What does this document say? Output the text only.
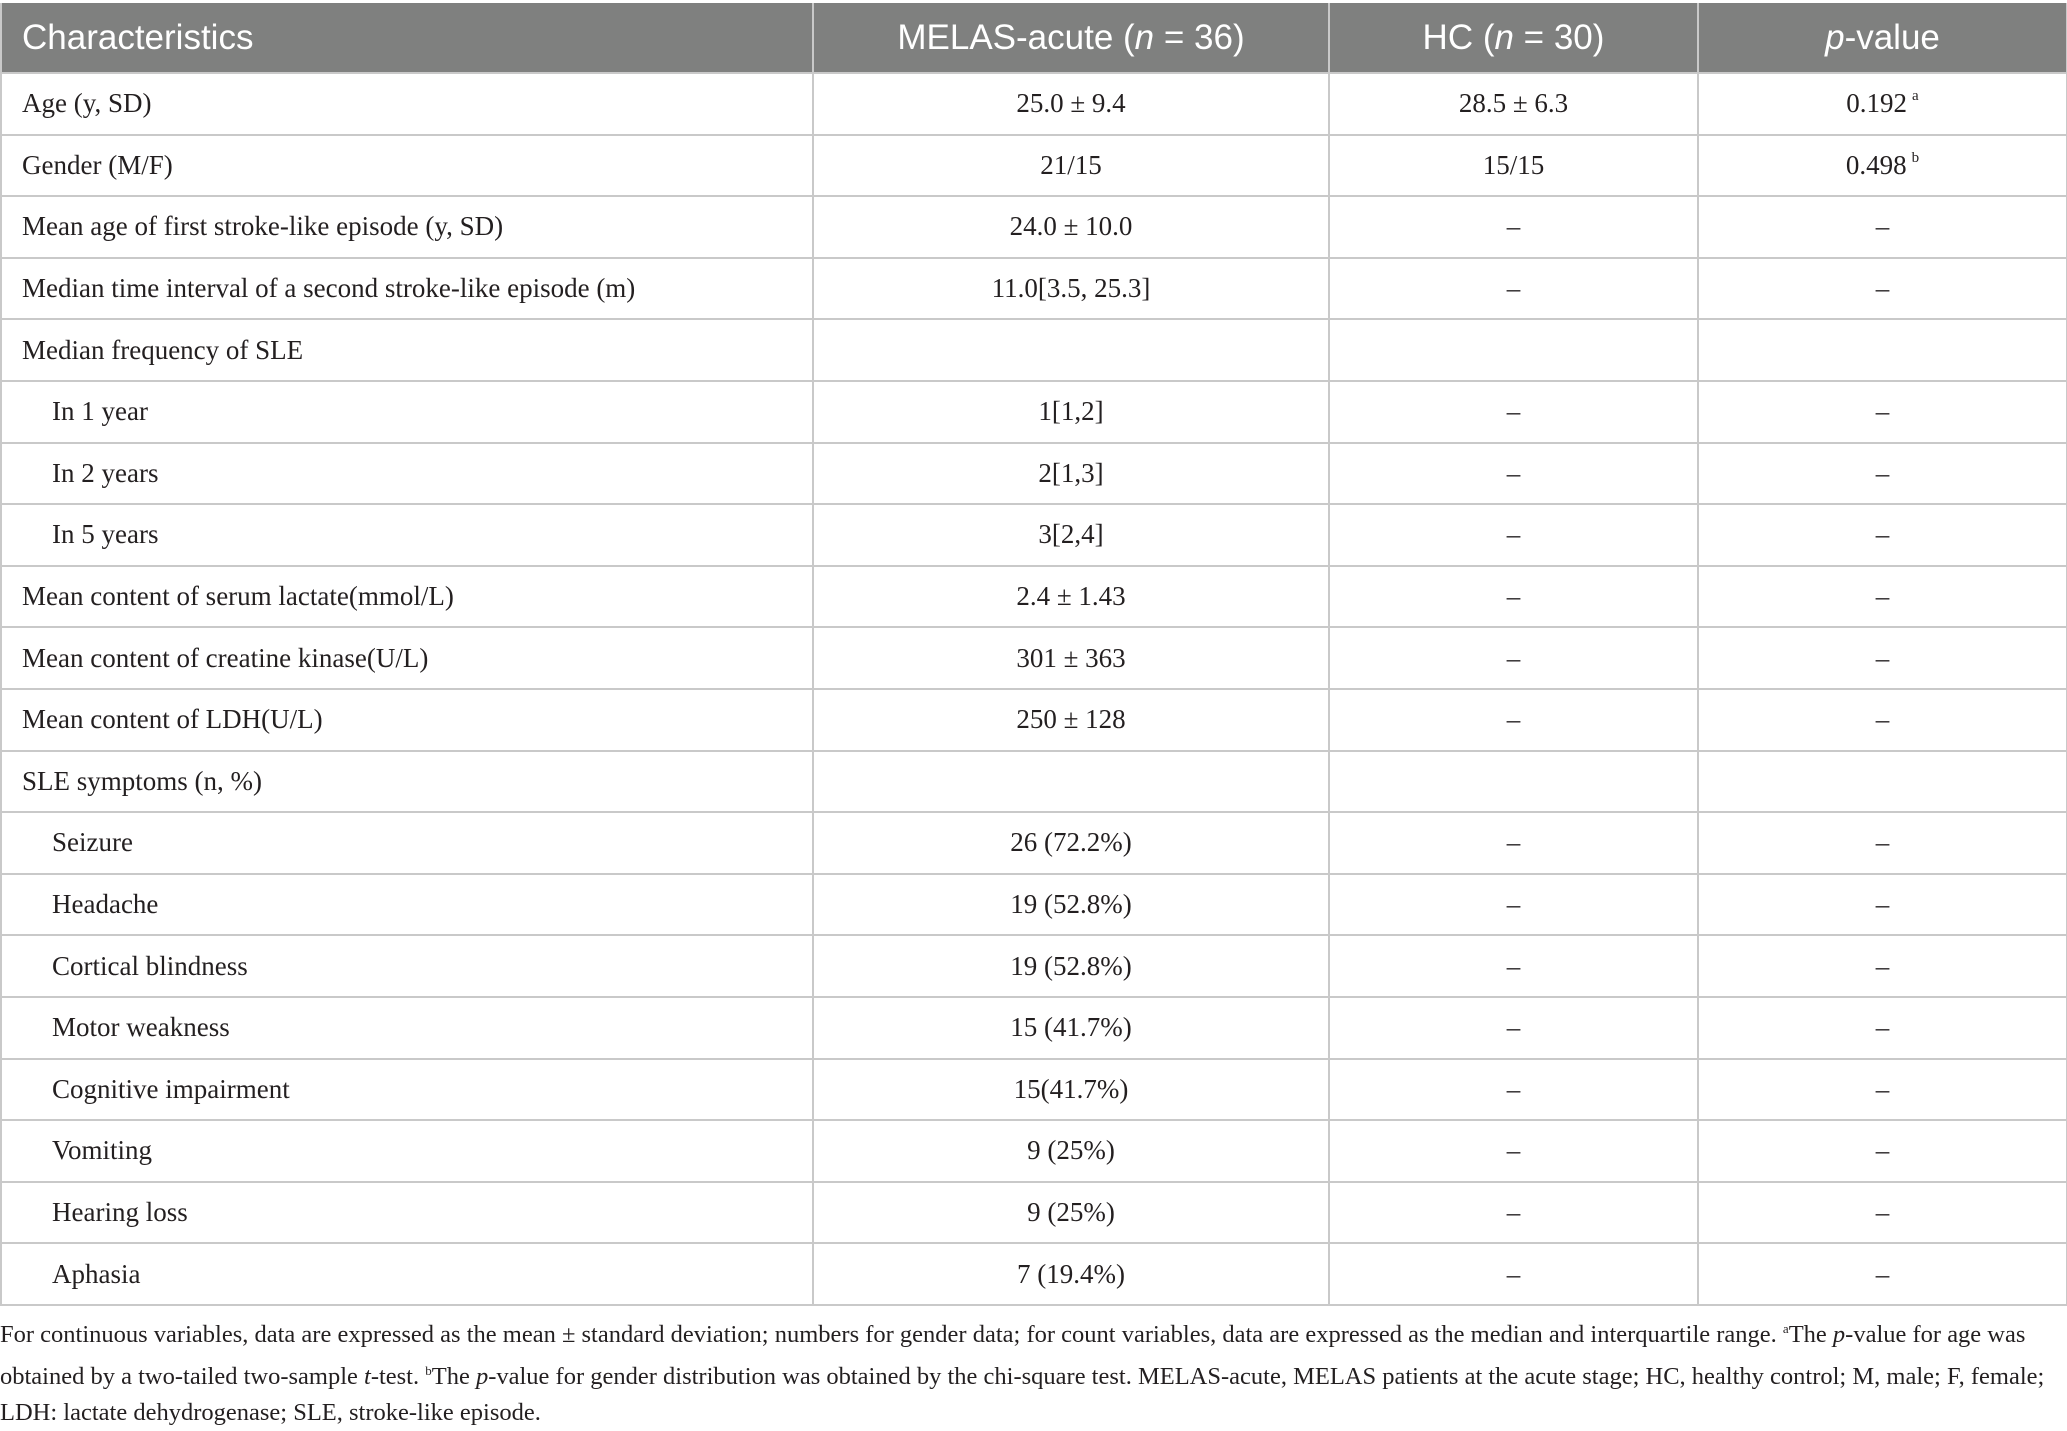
Characteristics	MELAS-acute (n = 36)	HC (n = 30)	p-value
Age (y, SD)	25.0 ± 9.4	28.5 ± 6.3	0.192 $^a$
Gender (M/F)	21/15	15/15	0.498 $^b$
Mean age of first stroke-like episode (y, SD)	24.0 ± 10.0	–	–
Median time interval of a second stroke-like episode (m)	11.0[3.5, 25.3]	–	–
Median frequency of SLE			
In 1 year	1[1,2]	–	–
In 2 years	2[1,3]	–	–
In 5 years	3[2,4]	–	–
Mean content of serum lactate(mmol/L)	2.4 ± 1.43	–	–
Mean content of creatine kinase(U/L)	301 ± 363	–	–
Mean content of LDH(U/L)	250 ± 128	–	–
SLE symptoms (n, %)			
Seizure	26 (72.2%)	–	–
Headache	19 (52.8%)	–	–
Cortical blindness	19 (52.8%)	–	–
Motor weakness	15 (41.7%)	–	–
Cognitive impairment	15(41.7%)	–	–
Vomiting	9 (25%)	–	–
Hearing loss	9 (25%)	–	–
Aphasia	7 (19.4%)	–	–
For continuous variables, data are expressed as the mean ± standard deviation; numbers for gender data; for count variables, data are expressed as the median and interquartile range. $^a$The p-value for age was obtained by a two-tailed two-sample t-test. $^b$The p-value for gender distribution was obtained by the chi-square test. MELAS-acute, MELAS patients at the acute stage; HC, healthy control; M, male; F, female; LDH: lactate dehydrogenase; SLE, stroke-like episode.
